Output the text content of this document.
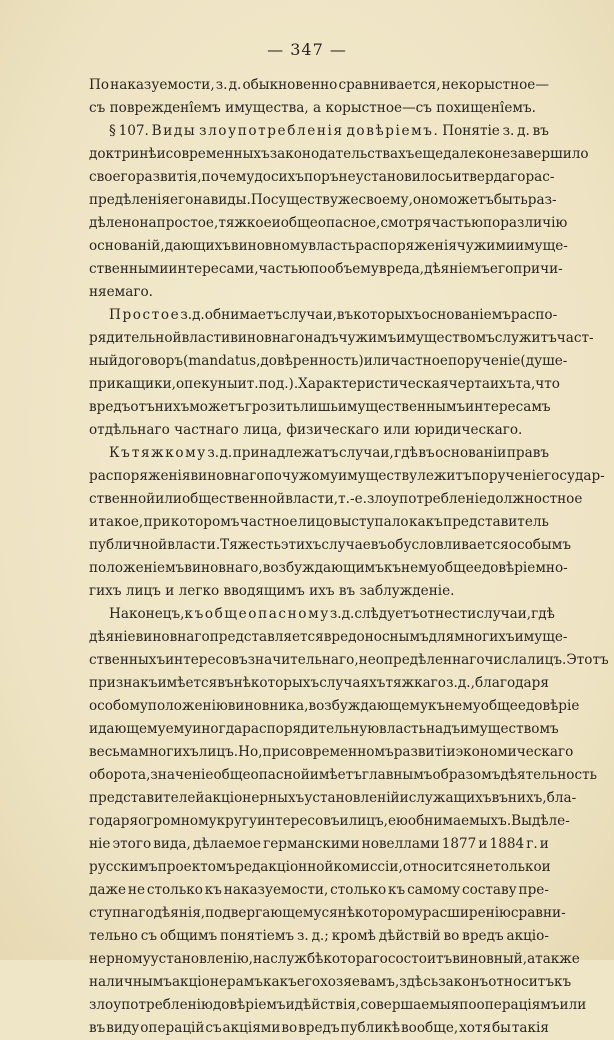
— 347 —
По наказуемости, з. д. обыкновенно сравнивается, некорыстное—
съ повреждені̂емъ имущества, а корыстное—съ похищені̂емъ.
§ 107. Виды злоупотребленія довѣріемъ. Понятіе з. д. въ
доктринѣ и современныхъ законодательствахъ еще далеко не завершило
своего развитія, почему до сихъ поръ не установилось и твердаго рас-
предѣленія его на виды. По существу же своему, оно можетъ быть раз-
дѣлено на простое, тяжкое и общеопасное, смотря частью по различію
основаній, дающихъ виновному власть распоряженія чужими имуще-
ственными интересами, частью по объему вреда, дѣяніемъ его причи-
няемаго.
Простое з. д. обнимаетъ случаи, въ которыхъ основаніемъ распо-
рядительной власти виновнаго надъ чужимъ имуществомъ служитъ част-
ный договоръ (mandatus, довѣренность) или частное порученіе (душе-
прикащики, опекуны и т. под.). Характеристическая черта ихъ та, что
вредъ отъ нихъ можетъ грозить лишь имущественнымъ интересамъ
отдѣльнаго частнаго лица, физическаго или юридическаго.
Къ тяжкому з. д. принадлежатъ случаи, гдѣ въ основаніи правъ
распоряженія виновнаго по чужому имуществу лежитъ порученіе государ-
ственной или общественной власти, т.-е. злоупотребленіе должностное
и такое, при которомъ частное лицо выступало какъ представитель
публичной власти. Тяжесть этихъ случаевъ обусловливается особымъ
положеніемъ виновнаго, возбуждающимъ къ нему общее довѣріе мно-
гихъ лицъ и легко вводящимъ ихъ въ заблужденіе.
Наконецъ, къ общеопасному з. д. слѣдуетъ отнести случаи, гдѣ
дѣяніе виновнаго представляется вредоноснымъ для многихъ имуще-
ственныхъ интересовъ значительнаго, неопредѣленнаго числа лицъ. Этотъ
признакъ имѣется въ нѣкоторыхъ случаяхъ тяжкаго з. д., благодаря
особому положенію виновника, возбуждающему къ нему общее довѣріе
и дающему ему иногда распорядительную власть надъ имуществомъ
весьма многихъ лицъ. Но, при современномъ развитіи экономическаго
оборота, значеніе общеопасной имѣетъ главнымъ образомъ дѣятельность
представителей акціонерныхъ установленій и служащихъ въ нихъ, бла-
годаря огромному кругу интересовъ и лицъ, ею обнимаемыхъ. Выдѣле-
ніе этого вида, дѣлаемое германскими новеллами 1877 и 1884 г. и
русскимъ проектомъ редакціонной комиссіи, относится не только и
даже не столько къ наказуемости, столько къ самому составу пре-
ступнаго дѣянія, подвергающемуся нѣкоторому расширенію сравни-
тельно съ общимъ понятіемъ з. д.; кромѣ дѣйствій во вредъ акціо-
нерному установленію, на службѣ котораго состоитъ виновный, а также
наличнымъ акціонерамъ какъ его хозяевамъ, здѣсь законъ относитъ къ
злоупотребленію довѣріемъ и дѣйствія, совершаемыя по операціямъ или
въ виду операцій съ акціями во вредъ публикѣ вообще, хотя бы такія
